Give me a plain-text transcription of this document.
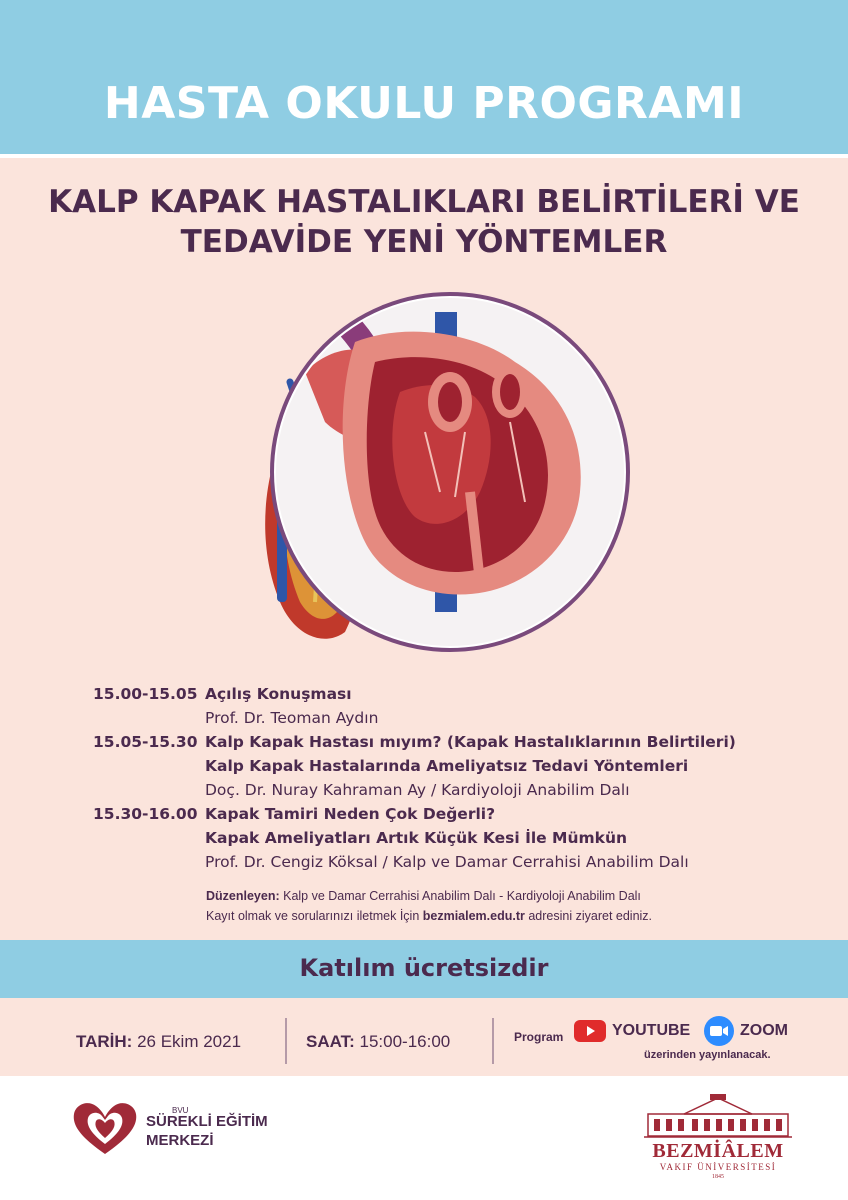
HASTA OKULU PROGRAMI
KALP KAPAK HASTALIKLARI BELİRTİLERİ VE
TEDAVİDE YENİ YÖNTEMLER
15.00-15.05 Açılış Konuşması
Prof. Dr. Teoman Aydın
15.05-15.30 Kalp Kapak Hastası mıyım? (Kapak Hastalıklarının Belirtileri)
Kalp Kapak Hastalarında Ameliyatsız Tedavi Yöntemleri
Doç. Dr. Nuray Kahraman Ay / Kardiyoloji Anabilim Dalı
15.30-16.00 Kapak Tamiri Neden Çok Değerli?
Kapak Ameliyatları Artık Küçük Kesi İle Mümkün
Prof. Dr. Cengiz Köksal / Kalp ve Damar Cerrahisi Anabilim Dalı
Düzenleyen: Kalp ve Damar Cerrahisi Anabilim Dalı - Kardiyoloji Anabilim Dalı
Kayıt olmak ve sorularınızı iletmek İçin bezmialem.edu.tr adresini ziyaret ediniz.
Katılım ücretsizdir
TARİH: 26 Ekim 2021	SAAT: 15:00-16:00	Program	YOUTUBE	ZOOM
üzerinden yayınlanacak.
BVU
SÜREKLİ EĞİTİM
MERKEZİ	BEZMİÂLEM
VAKIF ÜNİVERSİTESİ
1845
